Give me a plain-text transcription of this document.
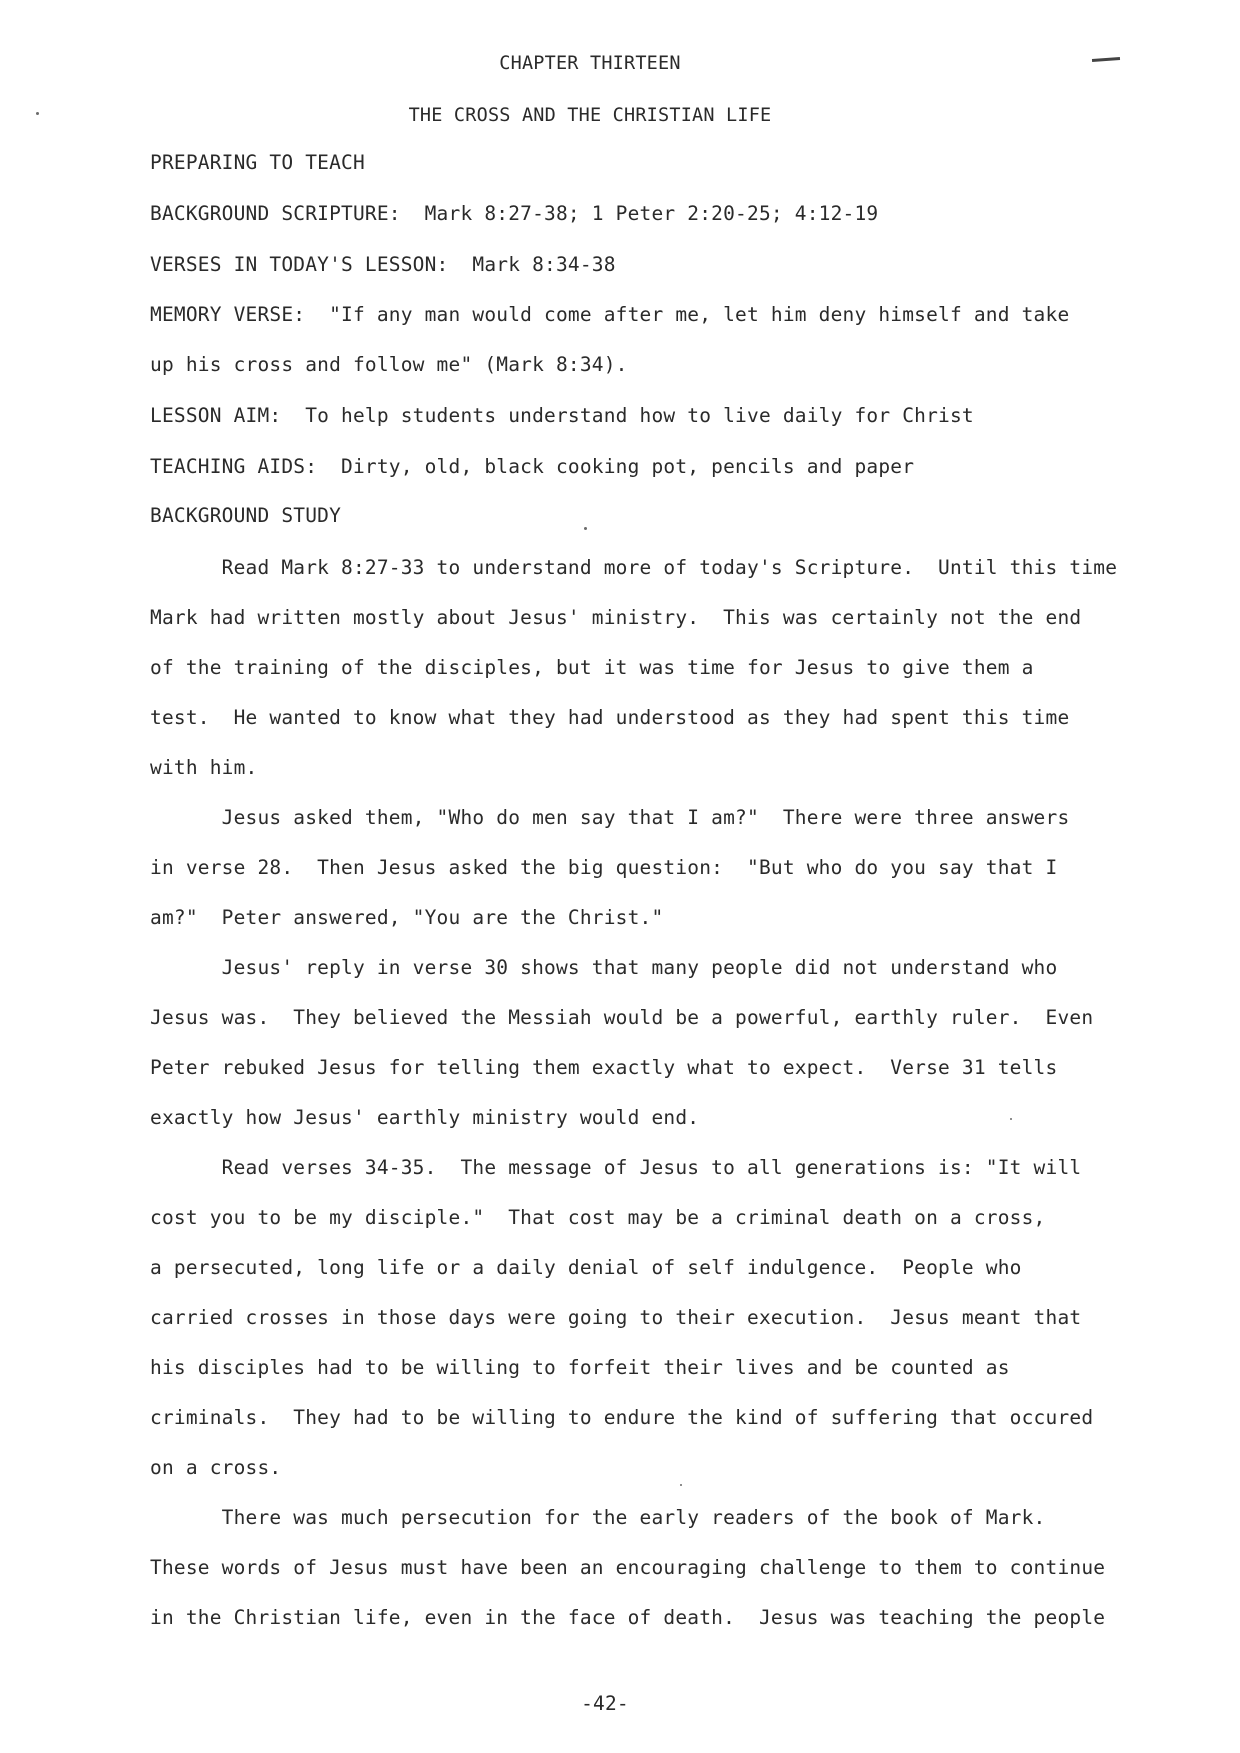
CHAPTER THIRTEEN
THE CROSS AND THE CHRISTIAN LIFE
PREPARING TO TEACH
BACKGROUND SCRIPTURE:  Mark 8:27-38; 1 Peter 2:20-25; 4:12-19
VERSES IN TODAY'S LESSON:  Mark 8:34-38
MEMORY VERSE:  "If any man would come after me, let him deny himself and take
up his cross and follow me" (Mark 8:34).
LESSON AIM:  To help students understand how to live daily for Christ
TEACHING AIDS:  Dirty, old, black cooking pot, pencils and paper
BACKGROUND STUDY
Read Mark 8:27-33 to understand more of today's Scripture.  Until this time
Mark had written mostly about Jesus' ministry.  This was certainly not the end
of the training of the disciples, but it was time for Jesus to give them a
test.  He wanted to know what they had understood as they had spent this time
with him.
Jesus asked them, "Who do men say that I am?"  There were three answers
in verse 28.  Then Jesus asked the big question:  "But who do you say that I
am?"  Peter answered, "You are the Christ."
Jesus' reply in verse 30 shows that many people did not understand who
Jesus was.  They believed the Messiah would be a powerful, earthly ruler.  Even
Peter rebuked Jesus for telling them exactly what to expect.  Verse 31 tells
exactly how Jesus' earthly ministry would end.
Read verses 34-35.  The message of Jesus to all generations is: "It will
cost you to be my disciple."  That cost may be a criminal death on a cross,
a persecuted, long life or a daily denial of self indulgence.  People who
carried crosses in those days were going to their execution.  Jesus meant that
his disciples had to be willing to forfeit their lives and be counted as
criminals.  They had to be willing to endure the kind of suffering that occured
on a cross.
There was much persecution for the early readers of the book of Mark.
These words of Jesus must have been an encouraging challenge to them to continue
in the Christian life, even in the face of death.  Jesus was teaching the people
-42-
